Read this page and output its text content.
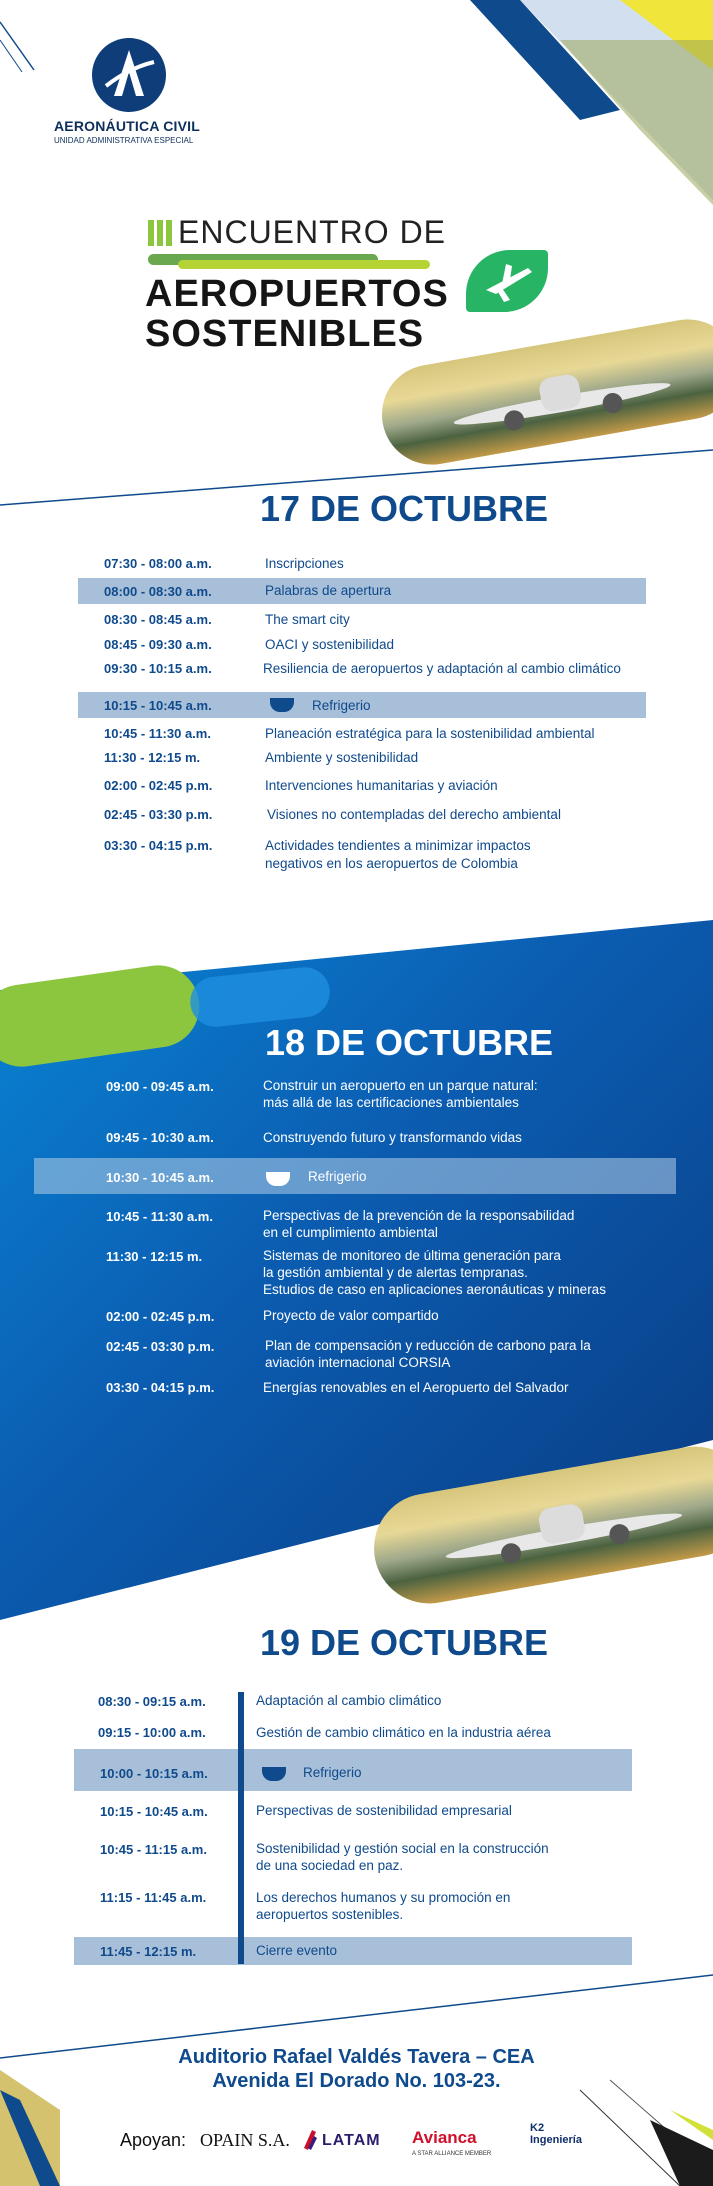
AERONÁUTICA CIVIL
UNIDAD ADMINISTRATIVA ESPECIAL
ENCUENTRO DE
AEROPUERTOS
SOSTENIBLES
17 DE OCTUBRE
07:30 - 08:00 a.m.	Inscripciones
08:00 - 08:30 a.m.	Palabras de apertura
08:30 - 08:45 a.m.	The smart city
08:45 - 09:30 a.m.	OACI y sostenibilidad
09:30 - 10:15 a.m.	Resiliencia de aeropuertos y adaptación al cambio climático
10:15 - 10:45 a.m.	Refrigerio
10:45 - 11:30 a.m.	Planeación estratégica para la sostenibilidad ambiental
11:30 - 12:15 m.	Ambiente y sostenibilidad
02:00 - 02:45 p.m.	Intervenciones humanitarias y aviación
02:45 - 03:30 p.m.	Visiones no contempladas del derecho ambiental
03:30 - 04:15 p.m.	Actividades tendientes a minimizar impactos
negativos en los aeropuertos de Colombia
18 DE OCTUBRE
09:00 - 09:45 a.m.	Construir un aeropuerto en un parque natural:
más allá de las certificaciones ambientales
09:45 - 10:30 a.m.	Construyendo futuro y transformando vidas
10:30 - 10:45 a.m.	Refrigerio
10:45 - 11:30 a.m.	Perspectivas de la prevención de la responsabilidad
en el cumplimiento ambiental
11:30 - 12:15 m.	Sistemas de monitoreo de última generación para
la gestión ambiental y de alertas tempranas.
Estudios de caso en aplicaciones aeronáuticas y mineras
02:00 - 02:45 p.m.	Proyecto de valor compartido
02:45 - 03:30 p.m.	Plan de compensación y reducción de carbono para la
aviación internacional CORSIA
03:30 - 04:15 p.m.	Energías renovables en el Aeropuerto del Salvador
19 DE OCTUBRE
08:30 - 09:15 a.m.	Adaptación al cambio climático
09:15 - 10:00 a.m.	Gestión de cambio climático en la industria aérea
10:00 - 10:15 a.m.	Refrigerio
10:15 - 10:45 a.m.	Perspectivas de sostenibilidad empresarial
10:45 - 11:15 a.m.	Sostenibilidad y gestión social en la construcción
de una sociedad en paz.
11:15 - 11:45 a.m.	Los derechos humanos y su promoción en
aeropuertos sostenibles.
11:45 - 12:15 m.	Cierre evento
Auditorio Rafael Valdés Tavera – CEA
Avenida El Dorado No. 103-23.
Apoyan: OPAIN S.A. LATAM Avianca
A STAR ALLIANCE MEMBER
K2 Ingeniería
